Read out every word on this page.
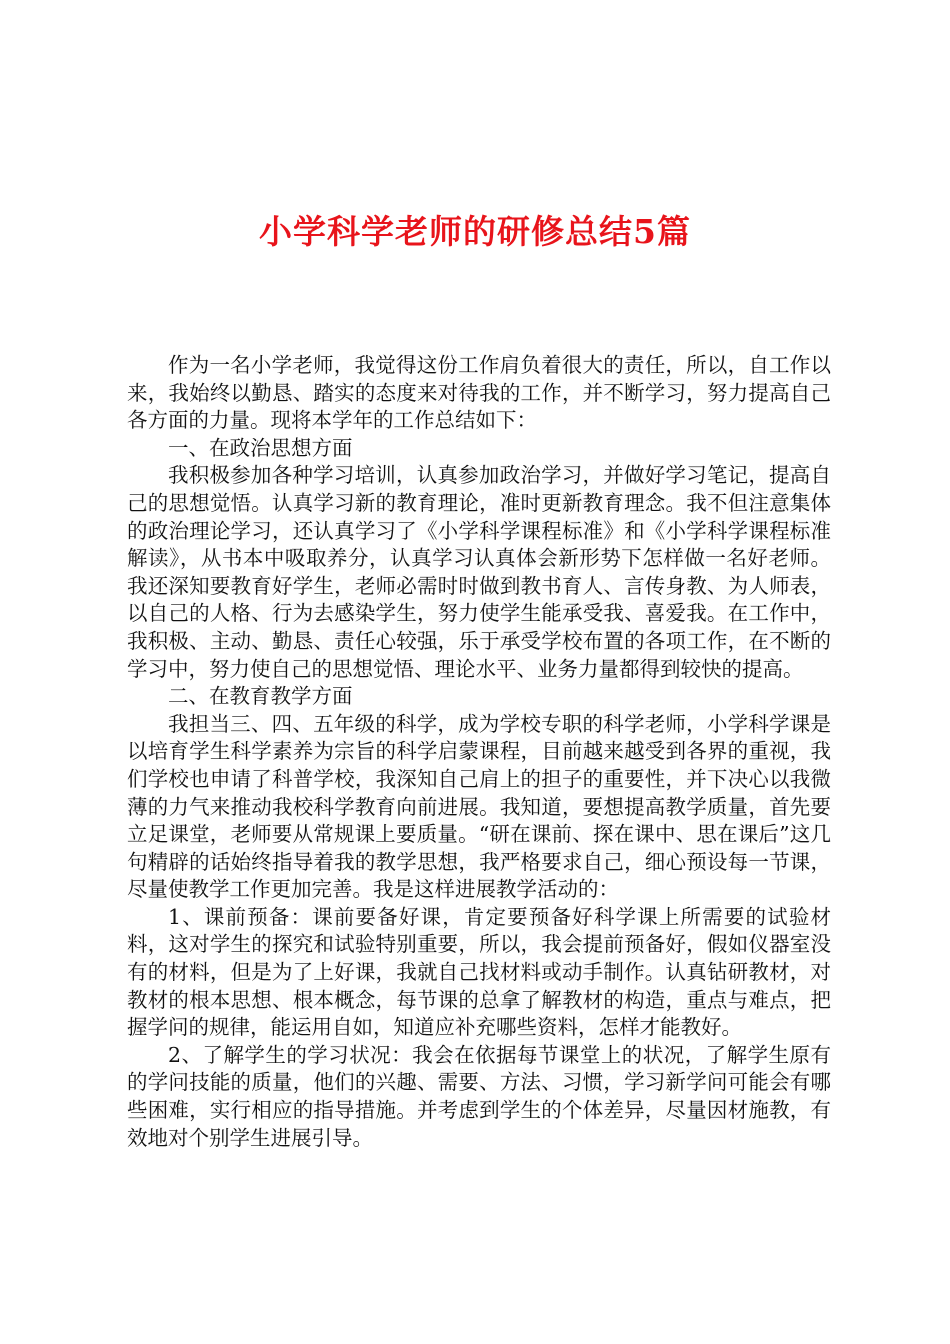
小学科学老师的研修总结5篇

作为一名小学老师，我觉得这份工作肩负着很大的责任，所以，自工作以来，我始终以勤恳、踏实的态度来对待我的工作，并不断学习，努力提高自己各方面的力量。现将本学年的工作总结如下：

一、在政治思想方面

我积极参加各种学习培训，认真参加政治学习，并做好学习笔记，提高自己的思想觉悟。认真学习新的教育理论，准时更新教育理念。我不但注意集体的政治理论学习，还认真学习了《小学科学课程标准》和《小学科学课程标准解读》，从书本中吸取养分，认真学习认真体会新形势下怎样做一名好老师。我还深知要教育好学生，老师必需时时做到教书育人、言传身教、为人师表，以自己的人格、行为去感染学生，努力使学生能承受我、喜爱我。在工作中，我积极、主动、勤恳、责任心较强，乐于承受学校布置的各项工作，在不断的学习中，努力使自己的思想觉悟、理论水平、业务力量都得到较快的提高。

二、在教育教学方面

我担当三、四、五年级的科学，成为学校专职的科学老师，小学科学课是以培育学生科学素养为宗旨的科学启蒙课程，目前越来越受到各界的重视，我们学校也申请了科普学校，我深知自己肩上的担子的重要性，并下决心以我微薄的力气来推动我校科学教育向前进展。我知道，要想提高教学质量，首先要立足课堂，老师要从常规课上要质量。“研在课前、探在课中、思在课后”这几句精辟的话始终指导着我的教学思想，我严格要求自己，细心预设每一节课，尽量使教学工作更加完善。我是这样进展教学活动的：

1、课前预备：课前要备好课，肯定要预备好科学课上所需要的试验材料，这对学生的探究和试验特别重要，所以，我会提前预备好，假如仪器室没有的材料，但是为了上好课，我就自己找材料或动手制作。认真钻研教材，对教材的根本思想、根本概念，每节课的总拿了解教材的构造，重点与难点，把握学问的规律，能运用自如，知道应补充哪些资料，怎样才能教好。

2、了解学生的学习状况：我会在依据每节课堂上的状况，了解学生原有的学问技能的质量，他们的兴趣、需要、方法、习惯，学习新学问可能会有哪些困难，实行相应的指导措施。并考虑到学生的个体差异，尽量因材施教，有效地对个别学生进展引导。
